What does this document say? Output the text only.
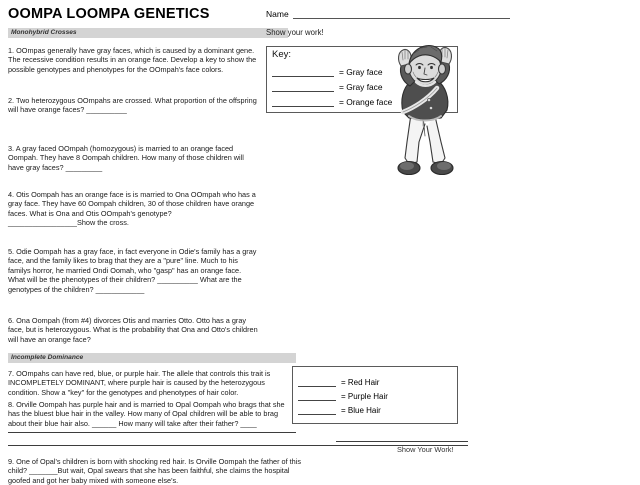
OOMPA LOOMPA GENETICS	Name
Monohybrid Crosses	Show your work!
1. OOmpas generally have gray faces, which is caused by a dominant gene. The recessive condition results in an orange face. Develop a key to show the possible genotypes and phenotypes for the OOmpah's face colors.
2. Two heterozygous OOmpahs are crossed. What proportion of the offspring will have orange faces? __________
3. A gray faced OOmpah (homozygous) is married to an orange faced Oompah. They have 8 Oompah children. How many of those children will have gray faces? _________
4. Otis Oompah has an orange face is is married to Ona OOmpah who has a gray face. They have 60 Oompah children, 30 of those children have orange faces. What is Ona and Otis OOmpah's genotype? _________________Show the cross.
5. Odie Oompah has a gray face, in fact everyone in Odie's family has a gray face, and the family likes to brag that they are a "pure" line. Much to his familys horror, he married Ondi Oomah, who "gasp" has an orange face. What will be the phenotypes of their children? __________ What are the genotypes of the children? ____________
6. Ona Oompah (from #4) divorces Otis and marries Otto. Otto has a gray face, but is heterozygous. What is the probability that Ona and Otto's children will have an orange face?
Incomplete Dominance
7. OOmpahs can have red, blue, or purple hair. The allele that controls this trait is INCOMPLETELY DOMINANT, where purple hair is caused by the heterozygous condition. Show a "key" for the genotypes and phenotypes of hair color.
8. Orville Oompah has purple hair and is married to Opal Oompah who brags that she has the bluest blue hair in the valley. How many of Opal children will be able to brag about their blue hair also. ______ How many will take after their father? ____
9. One of Opal's children is born with shocking red hair. Is Orville Oompah the father of this child? _______But wait, Opal swears that she has been faithful, she claims the hospital goofed and got her baby mixed with someone else's.
Key:
= Gray face
= Gray face
= Orange face
= Red Hair
= Purple Hair
= Blue Hair
Show Your Work!
